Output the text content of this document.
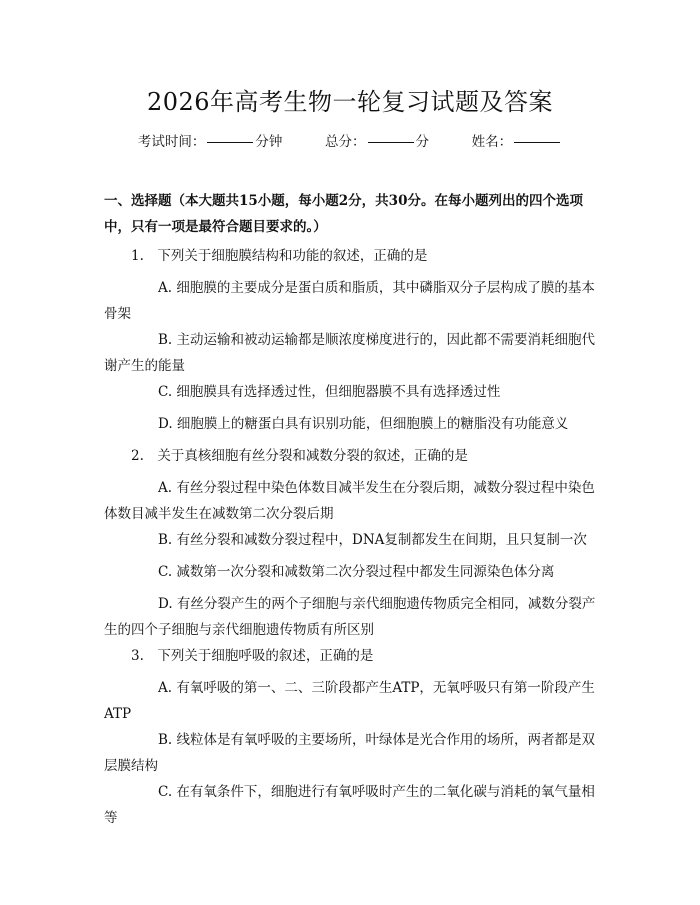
2026年高考生物一轮复习试题及答案
考试时间：	分钟	总分：	分	姓名：
一、选择题（本大题共15小题，每小题2分，共30分。在每小题列出的四个选项中，只有一项是最符合题目要求的。）
1.　下列关于细胞膜结构和功能的叙述，正确的是
A. 细胞膜的主要成分是蛋白质和脂质，其中磷脂双分子层构成了膜的基本骨架
B. 主动运输和被动运输都是顺浓度梯度进行的，因此都不需要消耗细胞代谢产生的能量
C. 细胞膜具有选择透过性，但细胞器膜不具有选择透过性
D. 细胞膜上的糖蛋白具有识别功能，但细胞膜上的糖脂没有功能意义
2.　关于真核细胞有丝分裂和减数分裂的叙述，正确的是
A. 有丝分裂过程中染色体数目减半发生在分裂后期，减数分裂过程中染色体数目减半发生在减数第二次分裂后期
B. 有丝分裂和减数分裂过程中，DNA复制都发生在间期，且只复制一次
C. 减数第一次分裂和减数第二次分裂过程中都发生同源染色体分离
D. 有丝分裂产生的两个子细胞与亲代细胞遗传物质完全相同，减数分裂产生的四个子细胞与亲代细胞遗传物质有所区别
3.　下列关于细胞呼吸的叙述，正确的是
A. 有氧呼吸的第一、二、三阶段都产生ATP，无氧呼吸只有第一阶段产生ATP
B. 线粒体是有氧呼吸的主要场所，叶绿体是光合作用的场所，两者都是双层膜结构
C. 在有氧条件下，细胞进行有氧呼吸时产生的二氧化碳与消耗的氧气量相等
